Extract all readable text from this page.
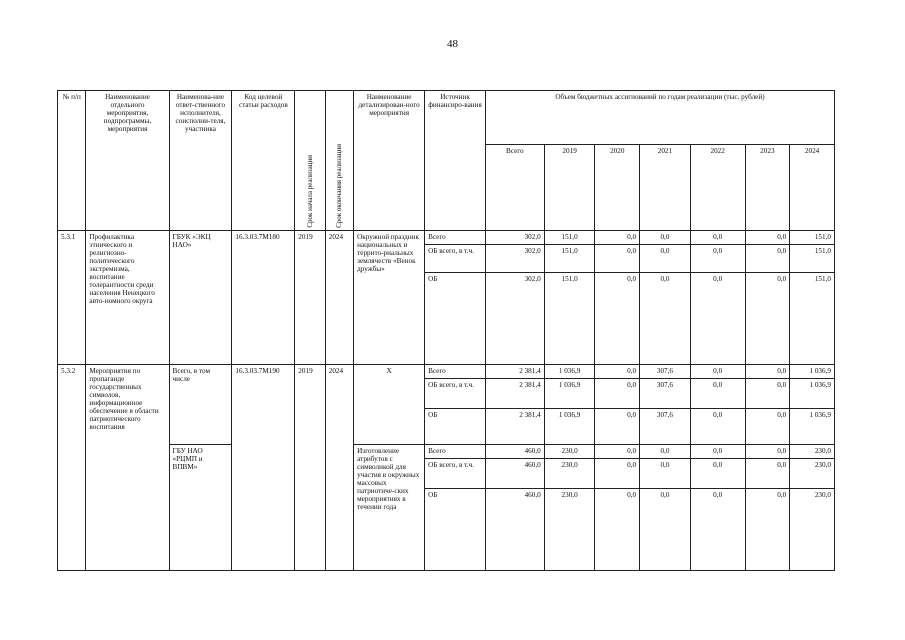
48
№ п/п	Наименование отдельного мероприятия, подпрограммы, мероприятия	Наименова-ние ответ-ственного исполнителя, соисполни-теля, участника	Код целевой статьи расходов	Срок начала реализации	Срок окончания реализации	Наименование детализирован-ного мероприятия	Источник финансиро-вания	Объем бюджетных ассигнований по годам реализации (тыс. рублей)						
								Всего	2019	2020	2021	2022	2023	2024
5.3.1	Профилактика этнического и религиозно-политического экстремизма, воспитание толерантности среди населения Ненецкого авто-номного округа	ГБУК «ЭКЦ НАО»	16.3.03.7М180	2019	2024	Окружной праздник национальных и террито-риальных землячеств «Венок дружбы»	Всего	302,0	151,0	0,0	0,0	0,0	0,0	151,0
							ОБ всего, в т.ч.	302,0	151,0	0,0	0,0	0,0	0,0	151,0
							ОБ	302,0	151,0	0,0	0,0	0,0	0,0	151,0
5.3.2	Мероприятия по пропаганде государственных символов, информационное обеспечение в области патриотического воспитания	Всего, в том числе	16.3.03.7М190	2019	2024	Х	Всего	2 381,4	1 036,9	0,0	307,6	0,0	0,0	1 036,9
							ОБ всего, в т.ч.	2 381,4	1 036,9	0,0	307,6	0,0	0,0	1 036,9
							ОБ	2 381,4	1 036,9	0,0	307,6	0,0	0,0	1 036,9
		ГБУ НАО «РЦМП и ВПВМ»				Изготовление атрибутов с символикой для участия в окружных массовых патриотиче-ских мероприятиях в течении года	Всего	460,0	230,0	0,0	0,0	0,0	0,0	230,0
							ОБ всего, в т.ч.	460,0	230,0	0,0	0,0	0,0	0,0	230,0
							ОБ	460,0	230,0	0,0	0,0	0,0	0,0	230,0
